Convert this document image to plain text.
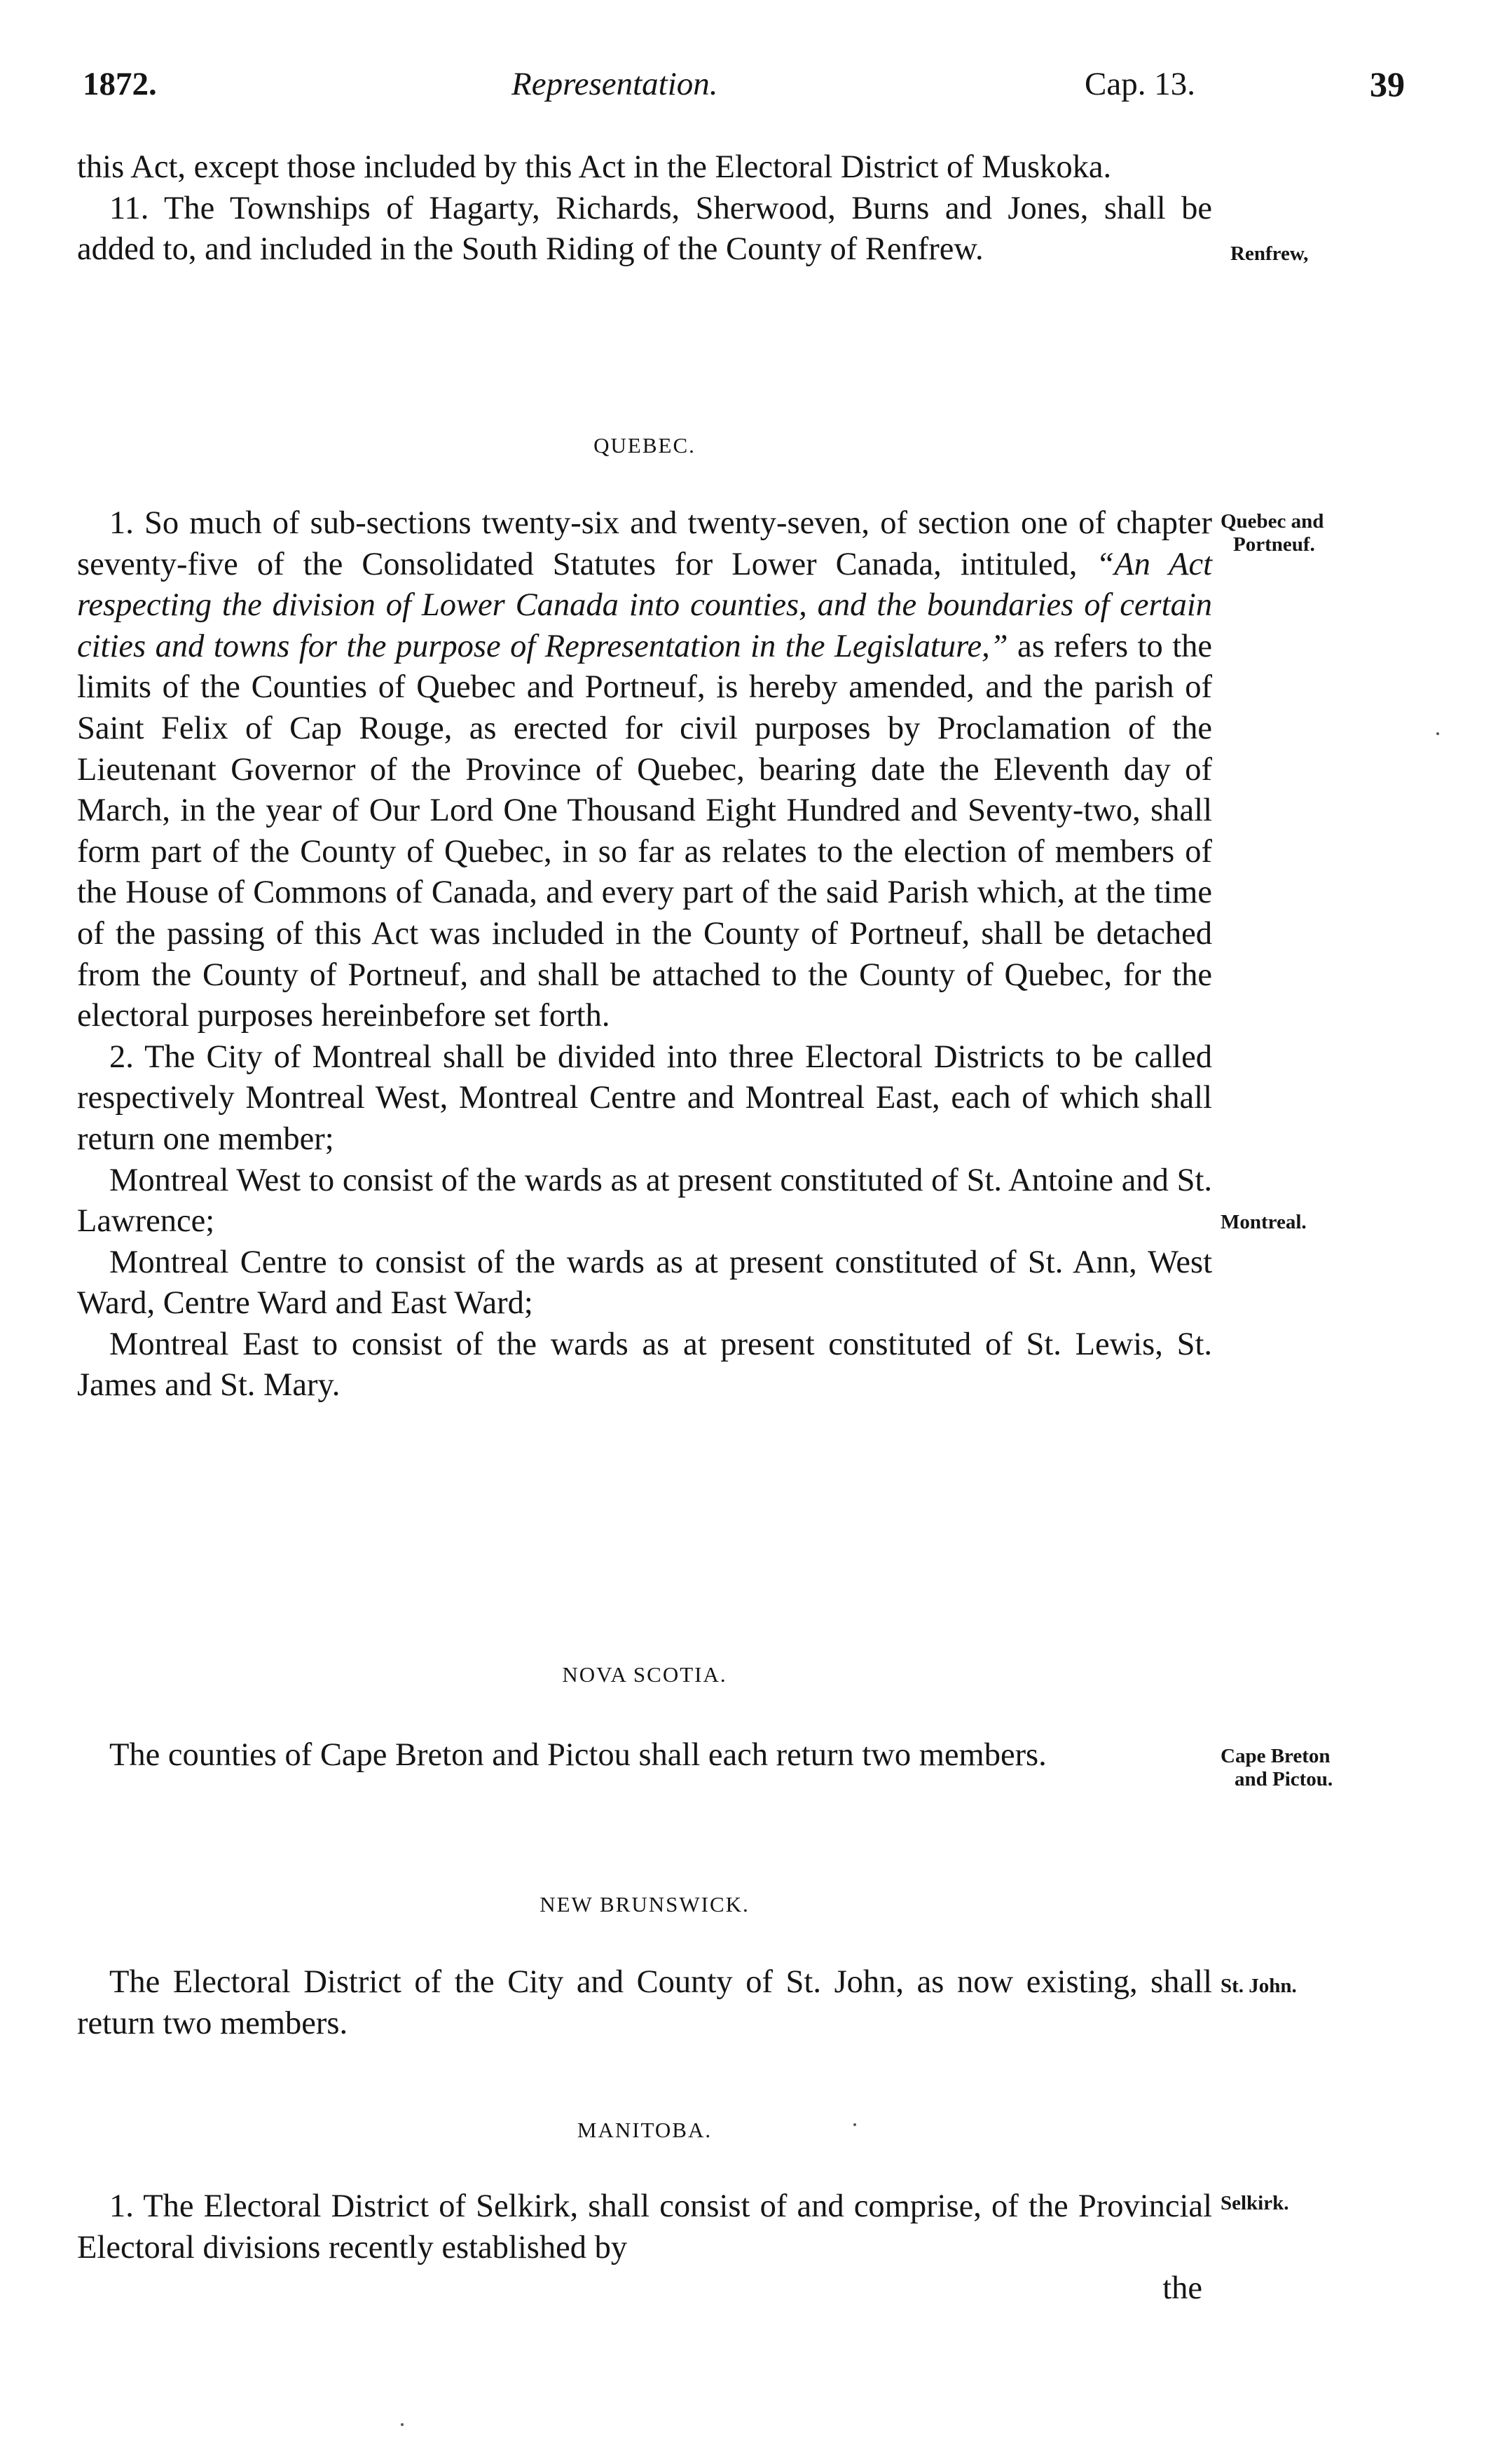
1872.	Representation.	Cap. 13.	39

this Act, except those included by this Act in the Electoral District of Muskoka.

11. The Townships of Hagarty, Richards, Sherwood, Burns and Jones, shall be added to, and included in the South Riding of the County of Renfrew.	Renfrew,
QUEBEC.

1. So much of sub-sections twenty-six and twenty-seven, of section one of chapter seventy-five of the Consolidated Statutes for Lower Canada, intituled, “An Act respecting the division of Lower Canada into counties, and the boundaries of certain cities and towns for the purpose of Representation in the Legislature,” as refers to the limits of the Counties of Quebec and Portneuf, is hereby amended, and the parish of Saint Felix of Cap Rouge, as erected for civil purposes by Proclamation of the Lieutenant Governor of the Province of Quebec, bearing date the Eleventh day of March, in the year of Our Lord One Thousand Eight Hundred and Seventy-two, shall form part of the County of Quebec, in so far as relates to the election of members of the House of Commons of Canada, and every part of the said Parish which, at the time of the passing of this Act was included in the County of Portneuf, shall be detached from the County of Portneuf, and shall be attached to the County of Quebec, for the electoral purposes hereinbefore set forth.

2. The City of Montreal shall be divided into three Electoral Districts to be called respectively Montreal West, Montreal Centre and Montreal East, each of which shall return one member;

Montreal West to consist of the wards as at present constituted of St. Antoine and St. Lawrence;

Montreal Centre to consist of the wards as at present constituted of St. Ann, West Ward, Centre Ward and East Ward;

Montreal East to consist of the wards as at present constituted of St. Lewis, St. James and St. Mary.

Quebec and
Portneuf.
Montreal.
NOVA SCOTIA.

The counties of Cape Breton and Pictou shall each return two members.	Cape Breton
and Pictou.
NEW BRUNSWICK.

The Electoral District of the City and County of St. John, as now existing, shall return two members.

St. John.
MANITOBA.

1. The Electoral District of Selkirk, shall consist of and comprise, of the Provincial Electoral divisions recently established by

the
Selkirk.
